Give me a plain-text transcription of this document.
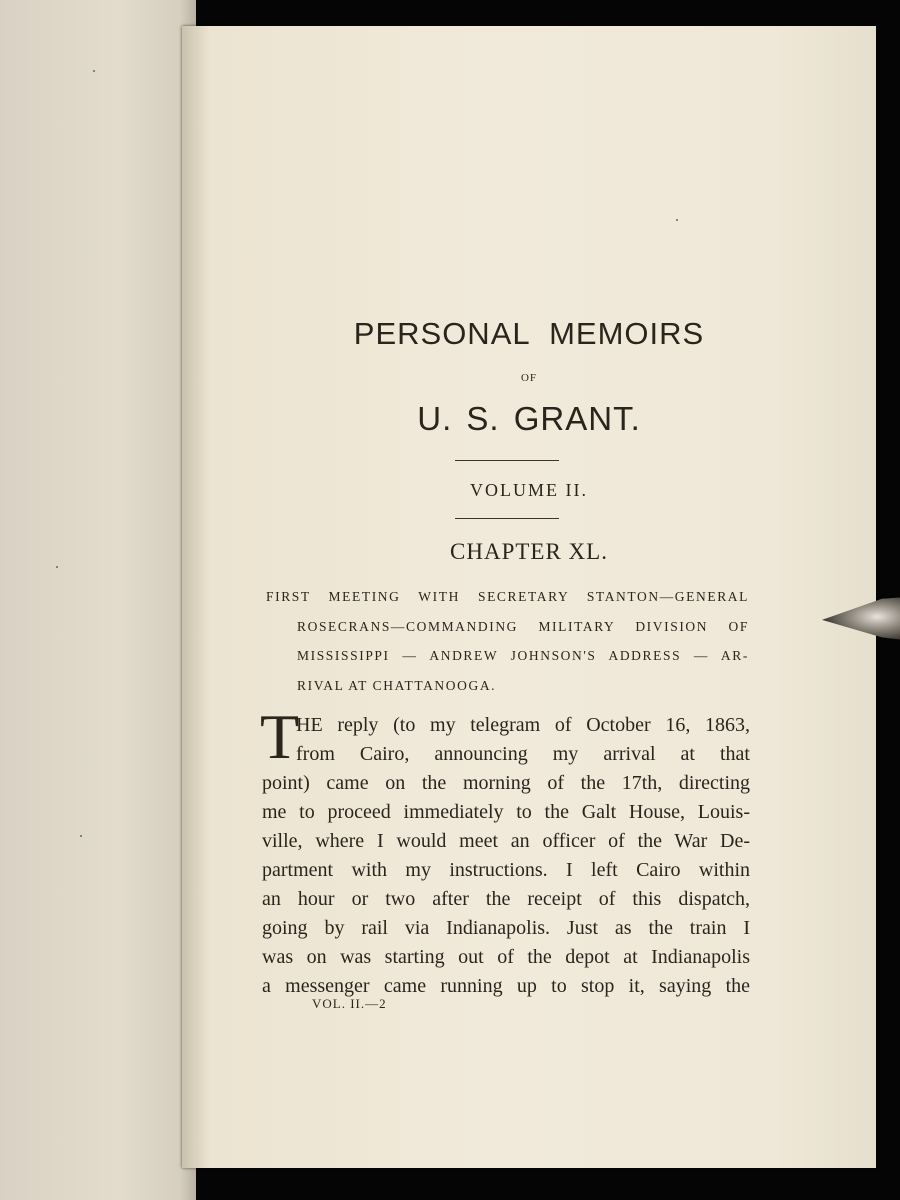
PERSONAL MEMOIRS
OF
U. S. GRANT.
VOLUME II.
CHAPTER XL.
FIRST MEETING WITH SECRETARY STANTON—GENERAL
ROSECRANS—COMMANDING MILITARY DIVISION OF
MISSISSIPPI — ANDREW JOHNSON'S ADDRESS — AR-
RIVAL AT CHATTANOOGA.
T
HE reply (to my telegram of October 16, 1863,
from Cairo, announcing my arrival at that
point) came on the morning of the 17th, directing
me to proceed immediately to the Galt House, Louis-
ville, where I would meet an officer of the War De-
partment with my instructions. I left Cairo within
an hour or two after the receipt of this dispatch,
going by rail via Indianapolis. Just as the train I
was on was starting out of the depot at Indianapolis
a messenger came running up to stop it, saying the
VOL. II.—2
